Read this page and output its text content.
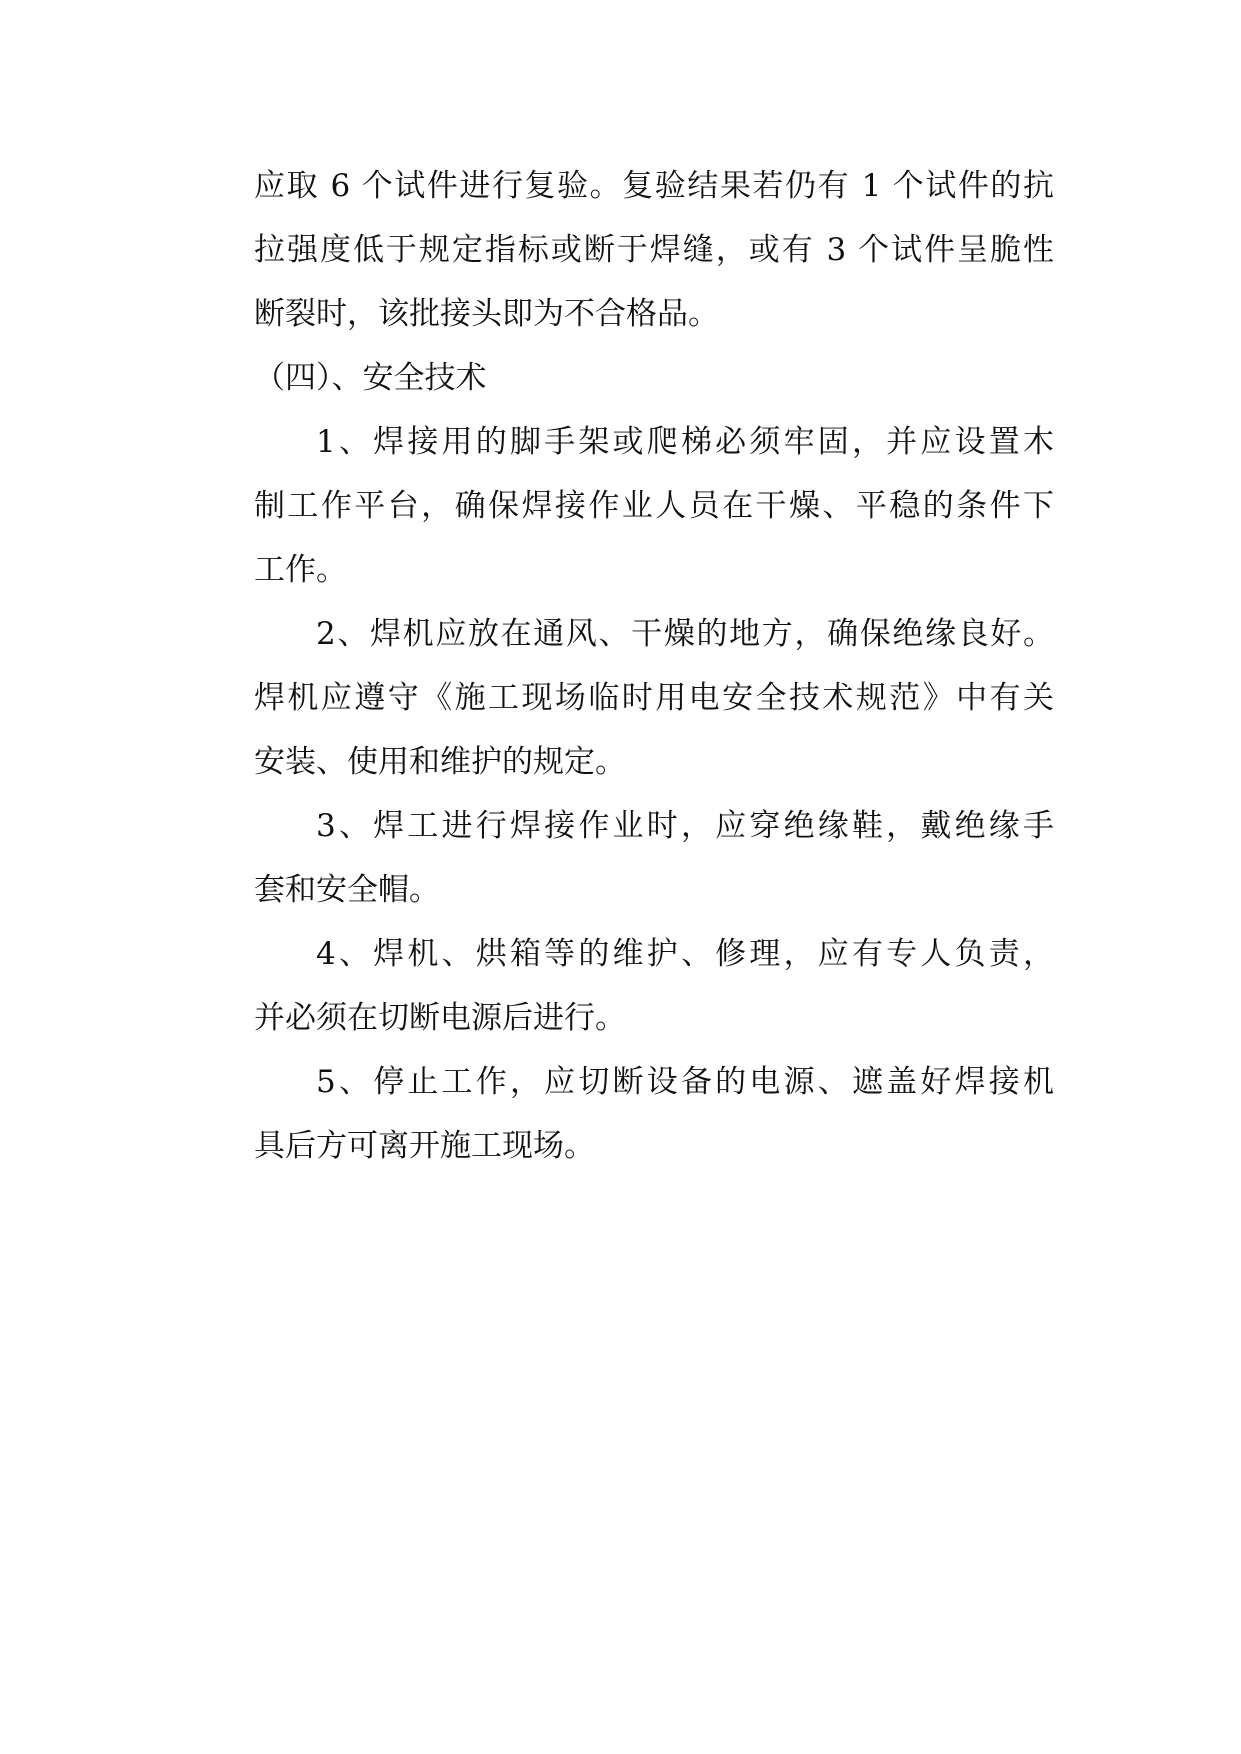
应取 6 个试件进行复验。复验结果若仍有 1 个试件的抗
拉强度低于规定指标或断于焊缝，或有 3 个试件呈脆性
断裂时，该批接头即为不合格品。
（四）、安全技术
1、焊接用的脚手架或爬梯必须牢固，并应设置木
制工作平台，确保焊接作业人员在干燥、平稳的条件下
工作。
2、焊机应放在通风、干燥的地方，确保绝缘良好。
焊机应遵守《施工现场临时用电安全技术规范》中有关
安装、使用和维护的规定。
3、焊工进行焊接作业时，应穿绝缘鞋，戴绝缘手
套和安全帽。
4、焊机、烘箱等的维护、修理，应有专人负责，
并必须在切断电源后进行。
5、停止工作，应切断设备的电源、遮盖好焊接机
具后方可离开施工现场。
